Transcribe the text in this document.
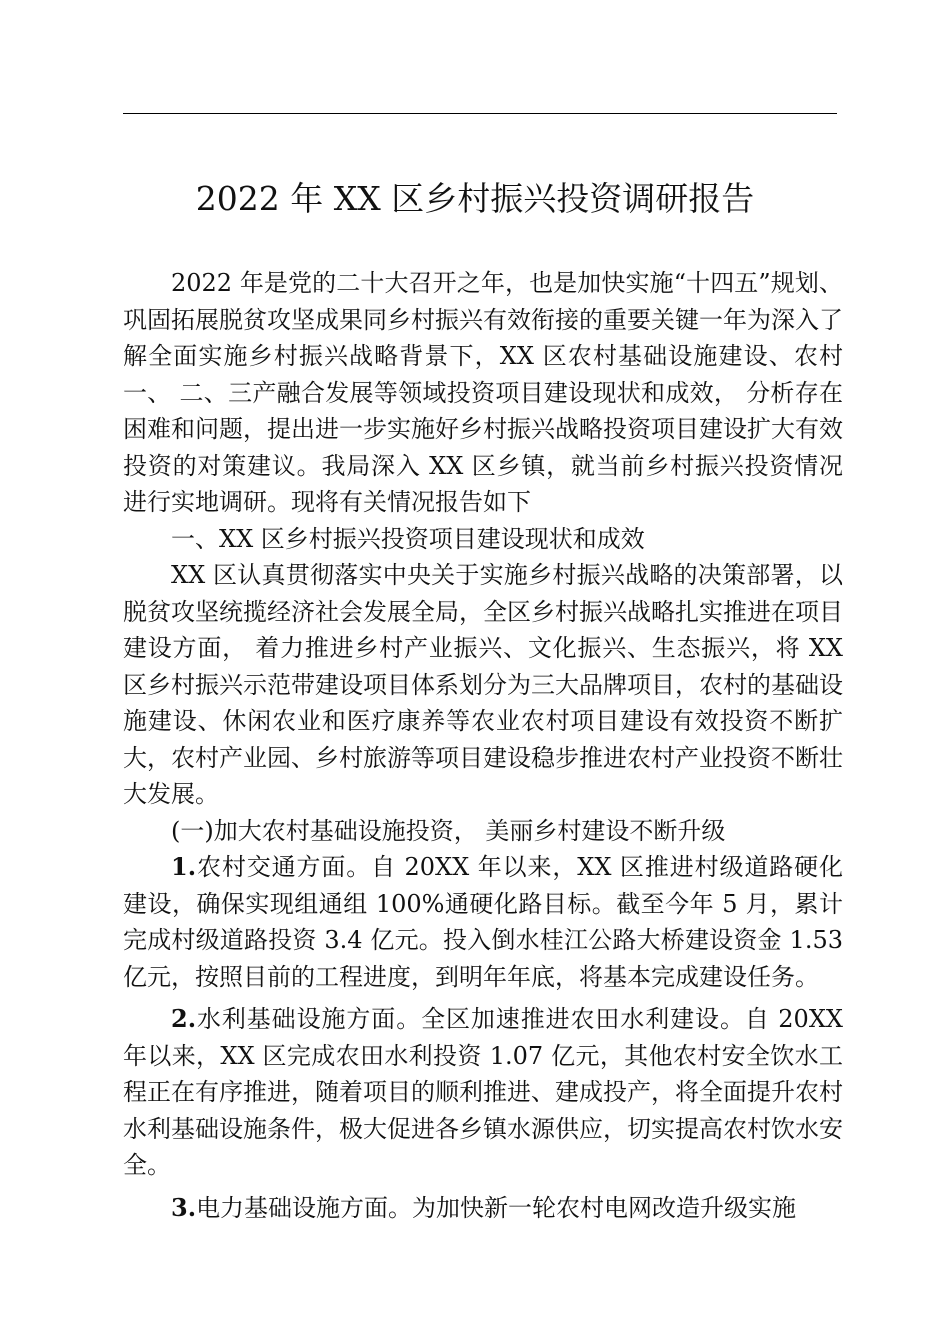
2022 年 XX 区乡村振兴投资调研报告

2022 年是党的二十大召开之年，也是加快实施“十四五”规划、巩固拓展脱贫攻坚成果同乡村振兴有效衔接的重要关键一年为深入了解全面实施乡村振兴战略背景下，XX 区农村基础设施建设、农村一、 二、三产融合发展等领域投资项目建设现状和成效， 分析存在困难和问题，提出进一步实施好乡村振兴战略投资项目建设扩大有效投资的对策建议。我局深入 XX 区乡镇，就当前乡村振兴投资情况进行实地调研。现将有关情况报告如下

一、XX 区乡村振兴投资项目建设现状和成效

XX 区认真贯彻落实中央关于实施乡村振兴战略的决策部署，以脱贫攻坚统揽经济社会发展全局，全区乡村振兴战略扎实推进在项目建设方面， 着力推进乡村产业振兴、文化振兴、生态振兴，将 XX 区乡村振兴示范带建设项目体系划分为三大品牌项目，农村的基础设施建设、休闲农业和医疗康养等农业农村项目建设有效投资不断扩大，农村产业园、乡村旅游等项目建设稳步推进农村产业投资不断壮大发展。

(一)加大农村基础设施投资， 美丽乡村建设不断升级

1.农村交通方面。自 20XX 年以来，XX 区推进村级道路硬化建设，确保实现组通组 100%通硬化路目标。截至今年 5 月，累计完成村级道路投资 3.4 亿元。投入倒水桂江公路大桥建设资金 1.53 亿元，按照目前的工程进度，到明年年底，将基本完成建设任务。

2.水利基础设施方面。全区加速推进农田水利建设。自 20XX 年以来，XX 区完成农田水利投资 1.07 亿元，其他农村安全饮水工程正在有序推进，随着项目的顺利推进、建成投产，将全面提升农村水利基础设施条件，极大促进各乡镇水源供应，切实提高农村饮水安全。

3.电力基础设施方面。为加快新一轮农村电网改造升级实施
